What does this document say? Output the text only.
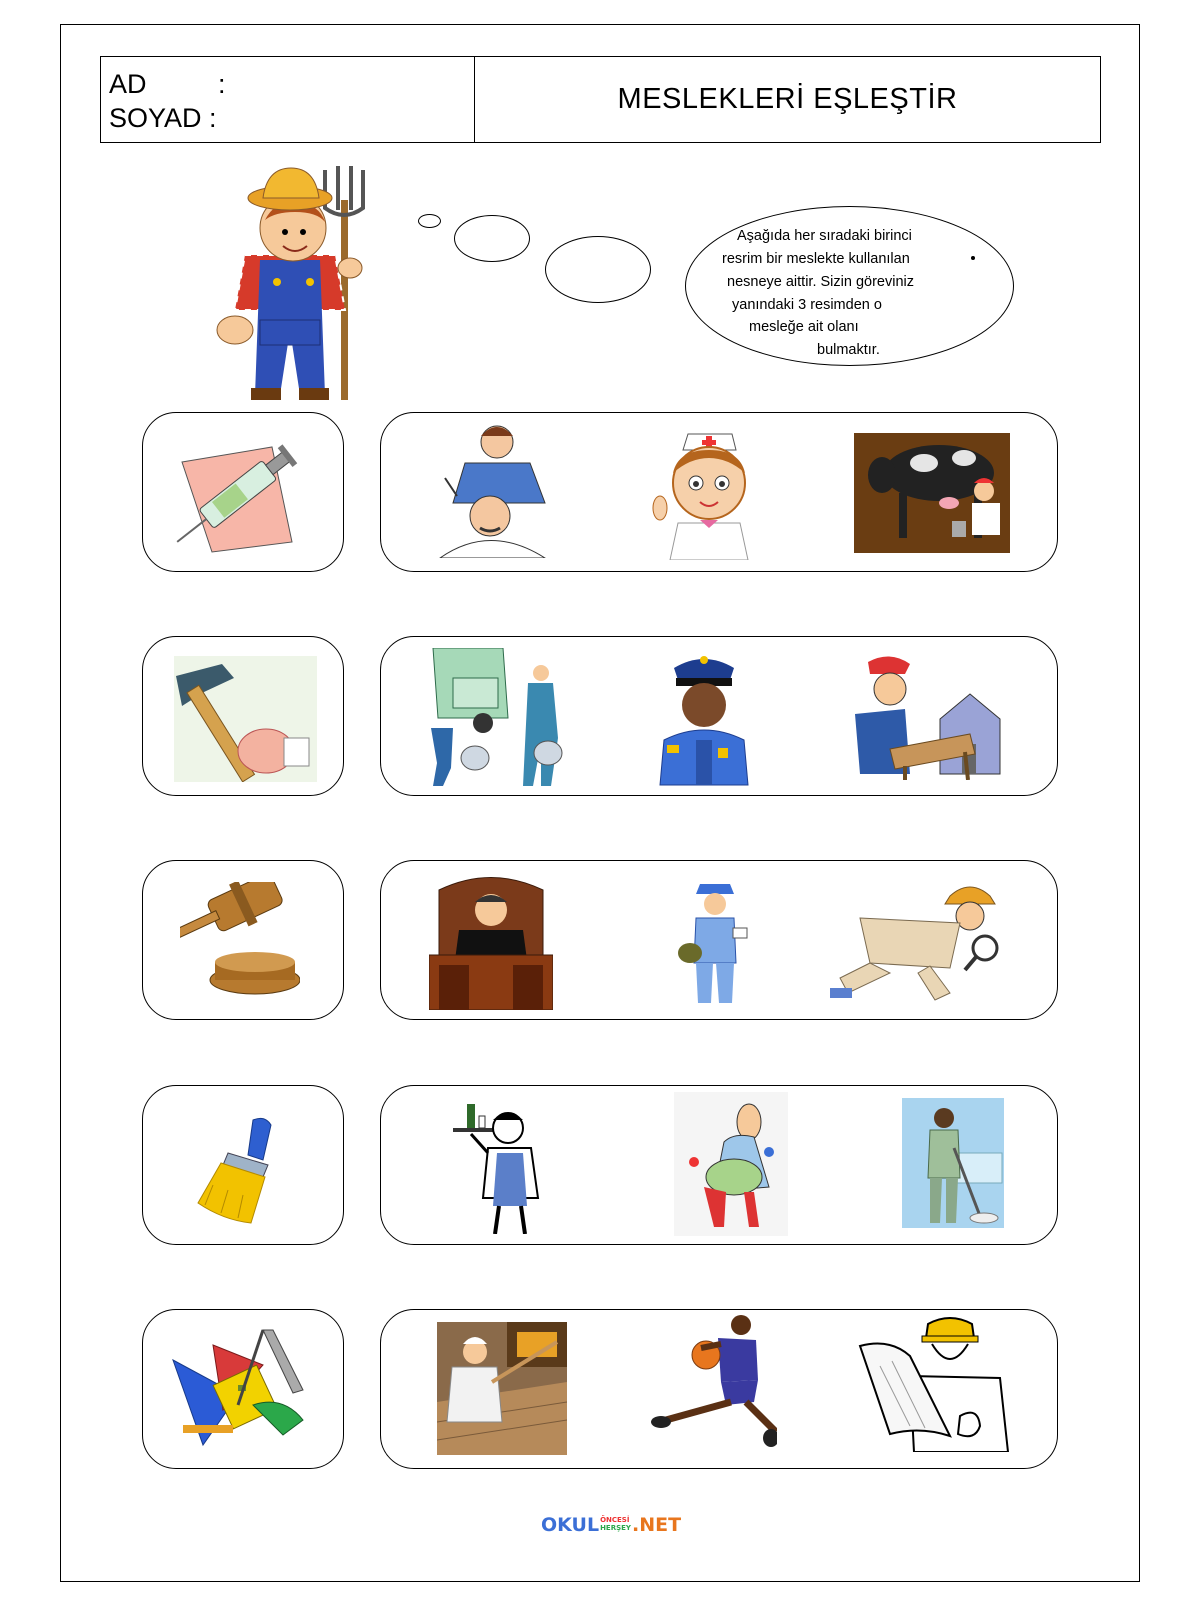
AD	:
SOYAD :
MESLEKLERİ EŞLEŞTİR
Aşağıda her sıradaki birinci
resrim bir meslekte kullanılan
nesneye aittir. Sizin göreviniz
yanındaki 3 resimden o
mesleğe ait olanı
bulmaktır.
OKUL ÖNCESİ
HERŞEY .NET
